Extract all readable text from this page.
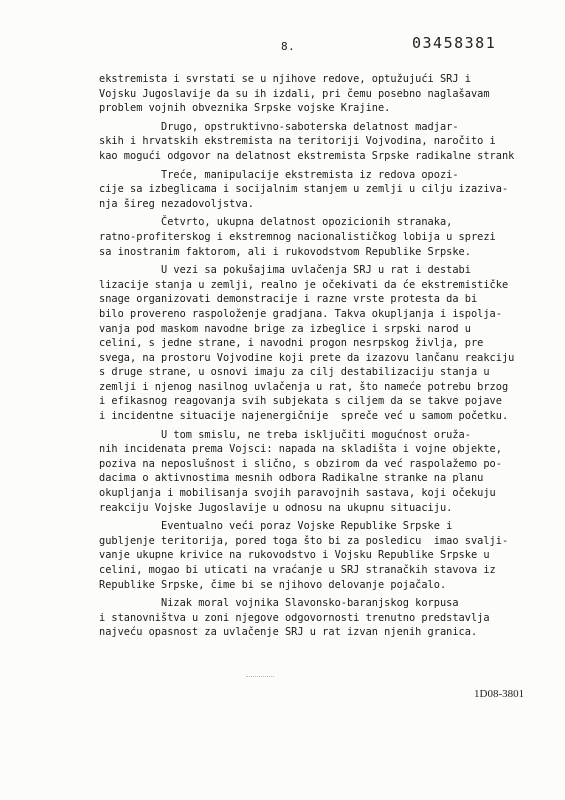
8.	03458381
ekstremista i svrstati se u njihove redove, optužujući SRJ i
Vojsku Jugoslavije da su ih izdali, pri čemu posebno naglašavam
problem vojnih obveznika Srpske vojske Krajine.
Drugo, opstruktivno-saboterska delatnost madjar-
skih i hrvatskih ekstremista na teritoriji Vojvodina, naročito i
kao mogući odgovor na delatnost ekstremista Srpske radikalne strank
Treće, manipulacije ekstremista iz redova opozi-
cije sa izbeglicama i socijalnim stanjem u zemlji u cilju izaziva-
nja šireg nezadovoljstva.
Četvrto, ukupna delatnost opozicionih stranaka,
ratno-profiterskog i ekstremnog nacionalističkog lobija u sprezi
sa inostranim faktorom, ali i rukovodstvom Republike Srpske.
U vezi sa pokušajima uvlačenja SRJ u rat i destabi
lizacije stanja u zemlji, realno je očekivati da će ekstremističke
snage organizovati demonstracije i razne vrste protesta da bi
bilo provereno raspoloženje gradjana. Takva okupljanja i ispolja-
vanja pod maskom navodne brige za izbeglice i srpski narod u
celini, s jedne strane, i navodni progon nesrpskog življa, pre
svega, na prostoru Vojvodine koji prete da izazovu lančanu reakciju
s druge strane, u osnovi imaju za cilj destabilizaciju stanja u
zemlji i njenog nasilnog uvlačenja u rat, što nameće potrebu brzog
i efikasnog reagovanja svih subjekata s ciljem da se takve pojave
i incidentne situacije najenergičnije  spreče već u samom početku.
U tom smislu, ne treba isključiti mogućnost oruža-
nih incidenata prema Vojsci: napada na skladišta i vojne objekte,
poziva na neposlušnost i slično, s obzirom da već raspolažemo po-
dacima o aktivnostima mesnih odbora Radikalne stranke na planu
okupljanja i mobilisanja svojih paravojnih sastava, koji očekuju
reakciju Vojske Jugoslavije u odnosu na ukupnu situaciju.
Eventualno veći poraz Vojske Republike Srpske i
gubljenje teritorija, pored toga što bi za posledicu  imao svalji-
vanje ukupne krivice na rukovodstvo i Vojsku Republike Srpske u
celini, mogao bi uticati na vraćanje u SRJ stranačkih stavova iz
Republike Srpske, čime bi se njihovo delovanje pojačalo.
Nizak moral vojnika Slavonsko-baranjskog korpusa
i stanovništva u zoni njegove odgovornosti trenutno predstavlja
najveću opasnost za uvlačenje SRJ u rat izvan njenih granica.
1D08-3801
